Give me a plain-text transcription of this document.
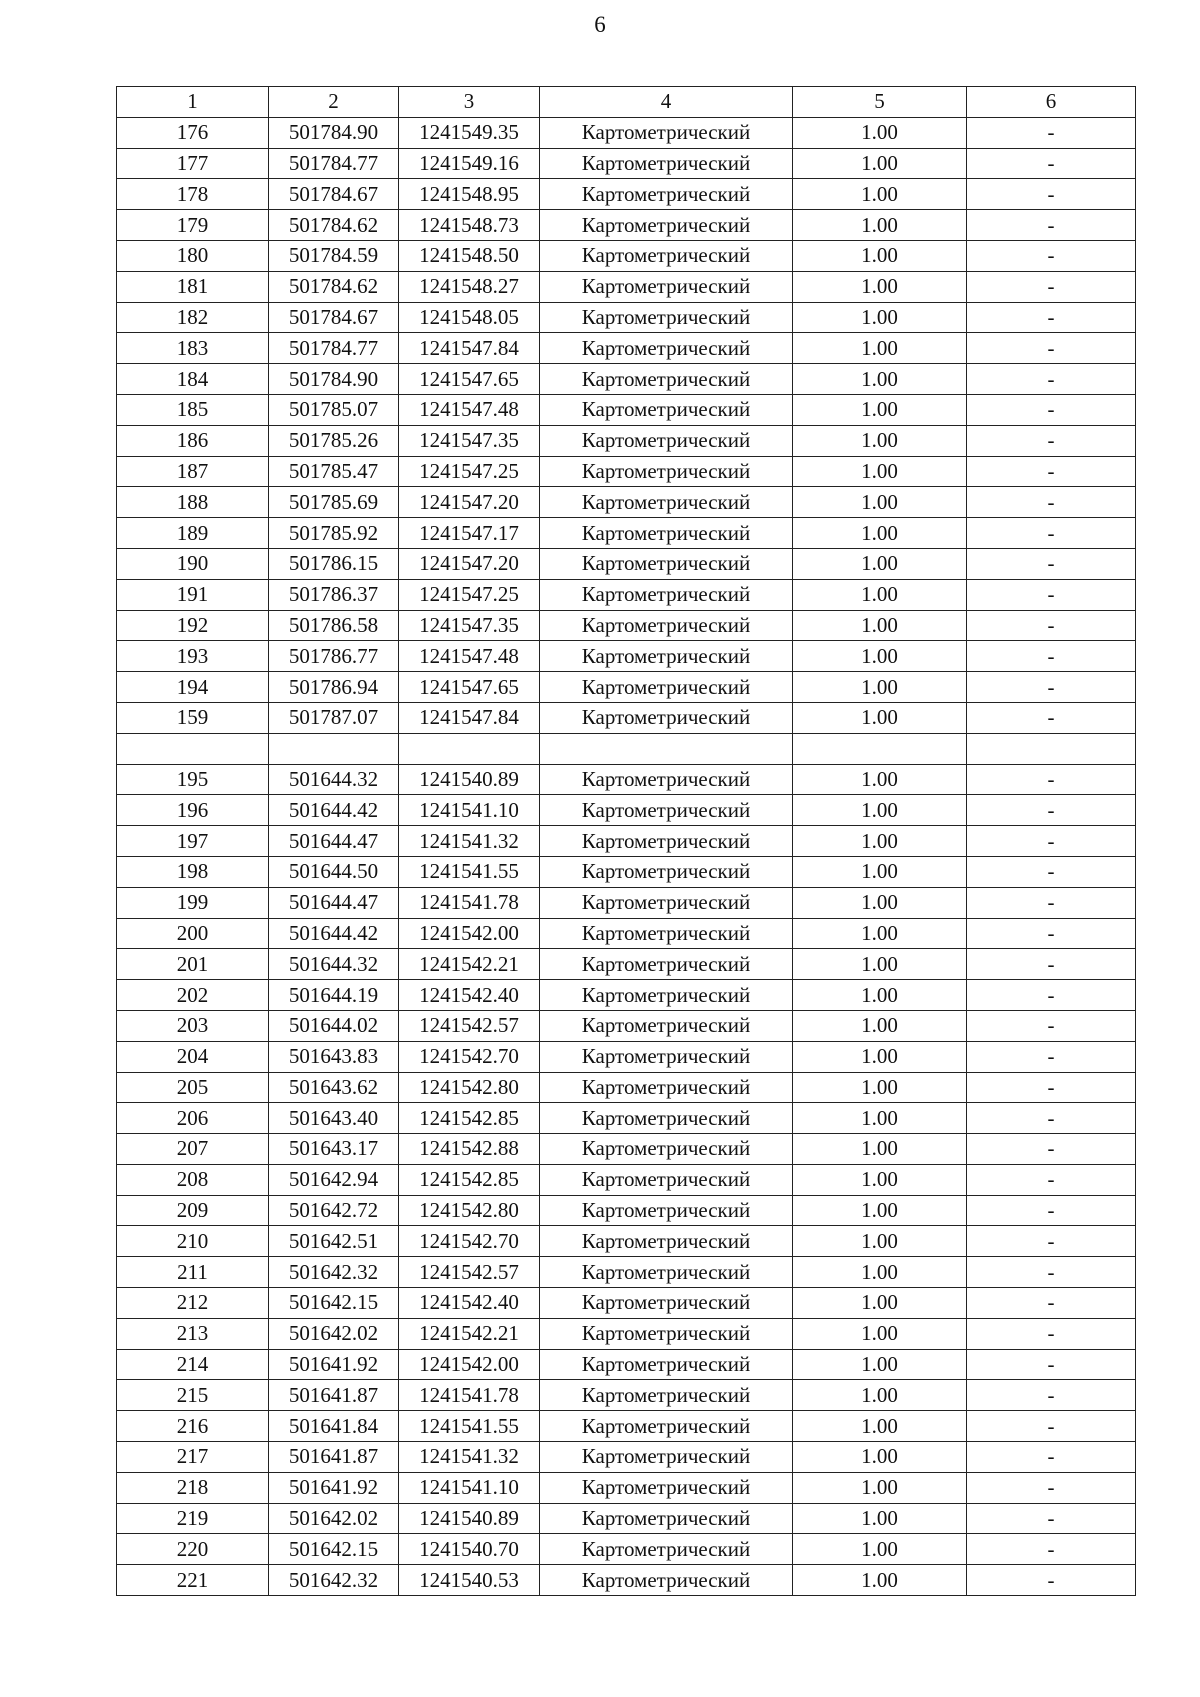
6
1	2	3	4	5	6
176	501784.90	1241549.35	Картометрический	1.00	-
177	501784.77	1241549.16	Картометрический	1.00	-
178	501784.67	1241548.95	Картометрический	1.00	-
179	501784.62	1241548.73	Картометрический	1.00	-
180	501784.59	1241548.50	Картометрический	1.00	-
181	501784.62	1241548.27	Картометрический	1.00	-
182	501784.67	1241548.05	Картометрический	1.00	-
183	501784.77	1241547.84	Картометрический	1.00	-
184	501784.90	1241547.65	Картометрический	1.00	-
185	501785.07	1241547.48	Картометрический	1.00	-
186	501785.26	1241547.35	Картометрический	1.00	-
187	501785.47	1241547.25	Картометрический	1.00	-
188	501785.69	1241547.20	Картометрический	1.00	-
189	501785.92	1241547.17	Картометрический	1.00	-
190	501786.15	1241547.20	Картометрический	1.00	-
191	501786.37	1241547.25	Картометрический	1.00	-
192	501786.58	1241547.35	Картометрический	1.00	-
193	501786.77	1241547.48	Картометрический	1.00	-
194	501786.94	1241547.65	Картометрический	1.00	-
159	501787.07	1241547.84	Картометрический	1.00	-

195	501644.32	1241540.89	Картометрический	1.00	-
196	501644.42	1241541.10	Картометрический	1.00	-
197	501644.47	1241541.32	Картометрический	1.00	-
198	501644.50	1241541.55	Картометрический	1.00	-
199	501644.47	1241541.78	Картометрический	1.00	-
200	501644.42	1241542.00	Картометрический	1.00	-
201	501644.32	1241542.21	Картометрический	1.00	-
202	501644.19	1241542.40	Картометрический	1.00	-
203	501644.02	1241542.57	Картометрический	1.00	-
204	501643.83	1241542.70	Картометрический	1.00	-
205	501643.62	1241542.80	Картометрический	1.00	-
206	501643.40	1241542.85	Картометрический	1.00	-
207	501643.17	1241542.88	Картометрический	1.00	-
208	501642.94	1241542.85	Картометрический	1.00	-
209	501642.72	1241542.80	Картометрический	1.00	-
210	501642.51	1241542.70	Картометрический	1.00	-
211	501642.32	1241542.57	Картометрический	1.00	-
212	501642.15	1241542.40	Картометрический	1.00	-
213	501642.02	1241542.21	Картометрический	1.00	-
214	501641.92	1241542.00	Картометрический	1.00	-
215	501641.87	1241541.78	Картометрический	1.00	-
216	501641.84	1241541.55	Картометрический	1.00	-
217	501641.87	1241541.32	Картометрический	1.00	-
218	501641.92	1241541.10	Картометрический	1.00	-
219	501642.02	1241540.89	Картометрический	1.00	-
220	501642.15	1241540.70	Картометрический	1.00	-
221	501642.32	1241540.53	Картометрический	1.00	-
